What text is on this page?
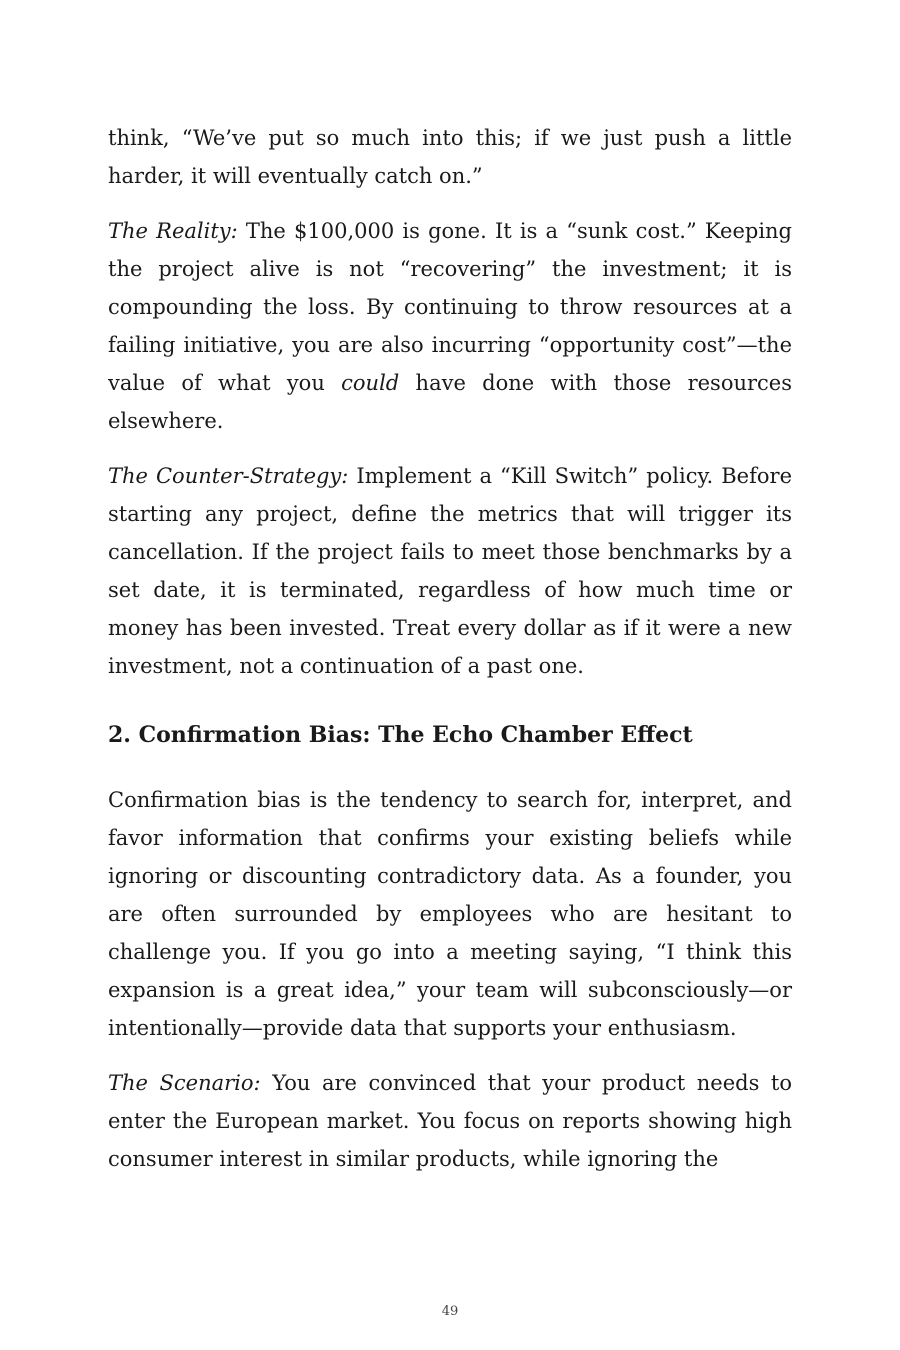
think, “We’ve put so much into this; if we just push a little harder, it will eventually catch on.”

The Reality: The $100,000 is gone. It is a “sunk cost.” Keeping the project alive is not “recovering” the investment; it is compounding the loss. By continuing to throw resources at a failing initiative, you are also incurring “opportunity cost”—the value of what you could have done with those resources elsewhere.

The Counter-Strategy: Implement a “Kill Switch” policy. Before starting any project, define the metrics that will trigger its cancellation. If the project fails to meet those benchmarks by a set date, it is terminated, regardless of how much time or money has been invested. Treat every dollar as if it were a new investment, not a continuation of a past one.

2. Confirmation Bias: The Echo Chamber Effect

Confirmation bias is the tendency to search for, interpret, and favor information that confirms your existing beliefs while ignoring or discounting contradictory data. As a founder, you are often surrounded by employees who are hesitant to challenge you. If you go into a meeting saying, “I think this expansion is a great idea,” your team will subconsciously—or intentionally—provide data that supports your enthusiasm.

The Scenario: You are convinced that your product needs to enter the European market. You focus on reports showing high consumer interest in similar products, while ignoring the

49
